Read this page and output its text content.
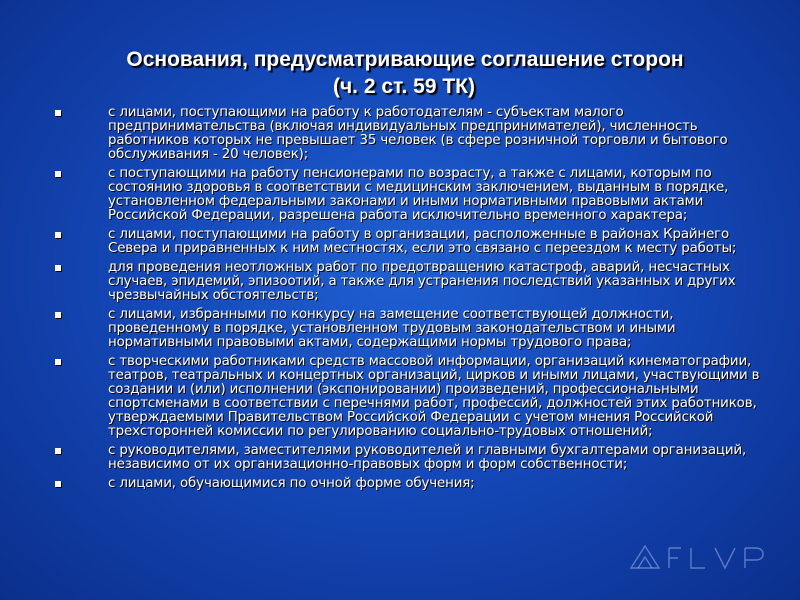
Основания, предусматривающие соглашение сторон
(ч. 2 ст. 59 ТК)
с лицами, поступающими на работу к работодателям - субъектам малого предпринимательства (включая индивидуальных предпринимателей), численность работников которых не превышает 35 человек (в сфере розничной торговли и бытового обслуживания - 20 человек);
с поступающими на работу пенсионерами по возрасту, а также с лицами, которым по состоянию здоровья в соответствии с медицинским заключением, выданным в порядке, установленном федеральными законами и иными нормативными правовыми актами Российской Федерации, разрешена работа исключительно временного характера;
с лицами, поступающими на работу в организации, расположенные в районах Крайнего Севера и приравненных к ним местностях, если это связано с переездом к месту работы;
для проведения неотложных работ по предотвращению катастроф, аварий, несчастных случаев, эпидемий, эпизоотий, а также для устранения последствий указанных и других чрезвычайных обстоятельств;
с лицами, избранными по конкурсу на замещение соответствующей должности, проведенному в порядке, установленном трудовым законодательством и иными нормативными правовыми актами, содержащими нормы трудового права;
с творческими работниками средств массовой информации, организаций кинематографии, театров, театральных и концертных организаций, цирков и иными лицами, участвующими в создании и (или) исполнении (экспонировании) произведений, профессиональными спортсменами в соответствии с перечнями работ, профессий, должностей этих работников, утверждаемыми Правительством Российской Федерации с учетом мнения Российской трехсторонней комиссии по регулированию социально-трудовых отношений;
с руководителями, заместителями руководителей и главными бухгалтерами организаций, независимо от их организационно-правовых форм и форм собственности;
с лицами, обучающимися по очной форме обучения;
